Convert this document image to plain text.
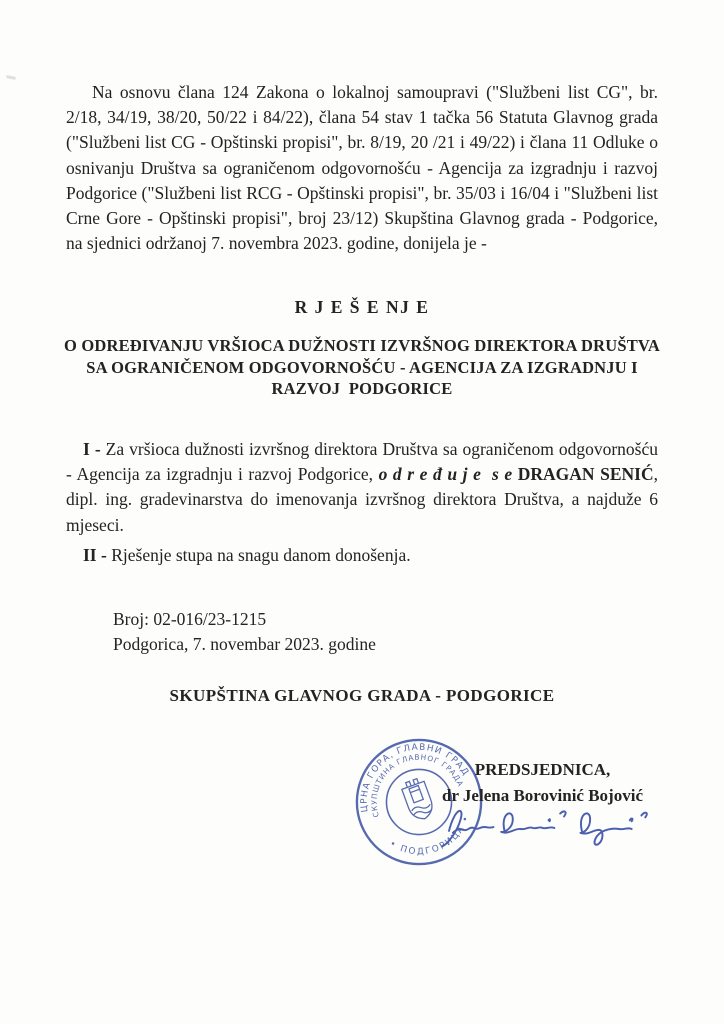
Na osnovu člana 124 Zakona o lokalnoj samoupravi ("Službeni list CG", br. 2/18, 34/19, 38/20, 50/22 i 84/22), člana 54 stav 1 tačka 56 Statuta Glavnog grada ("Službeni list CG - Opštinski propisi", br. 8/19, 20 /21 i 49/22) i člana 11 Odluke o osnivanju Društva sa ograničenom odgovornošću - Agencija za izgradnju i razvoj Podgorice ("Službeni list RCG - Opštinski propisi", br. 35/03 i 16/04 i "Službeni list Crne Gore - Opštinski propisi", broj 23/12) Skupština Glavnog grada - Podgorice, na sjednici održanoj 7. novembra 2023. godine, donijela je -

R J E Š E NJ E
O ODREĐIVANJU VRŠIOCA DUŽNOSTI IZVRŠNOG DIREKTORA DRUŠTVA
SA OGRANIČENOM ODGOVORNOŠĆU - AGENCIJA ZA IZGRADNJU I
RAZVOJ  PODGORICE

I - Za vršioca dužnosti izvršnog direktora Društva sa ograničenom odgovornošću - Agencija za izgradnju i razvoj Podgorice, o d r e đ u j e  s e DRAGAN SENIĆ, dipl. ing. gradevinarstva do imenovanja izvršnog direktora Društva, a najduže 6 mjeseci.

II - Rješenje stupa na snagu danom donošenja.

Broj: 02-016/23-1215
Podgorica, 7. novembar 2023. godine
SKUPŠTINA GLAVNOG GRADA - PODGORICE
ЦРНА ГОРА, ГЛАВНИ ГРАД
• ПОДГОРИЦА •
СКУПШТИНА ГЛАВНОГ ГРАДА
PREDSJEDNICA,
dr Jelena Borovinić Bojović
